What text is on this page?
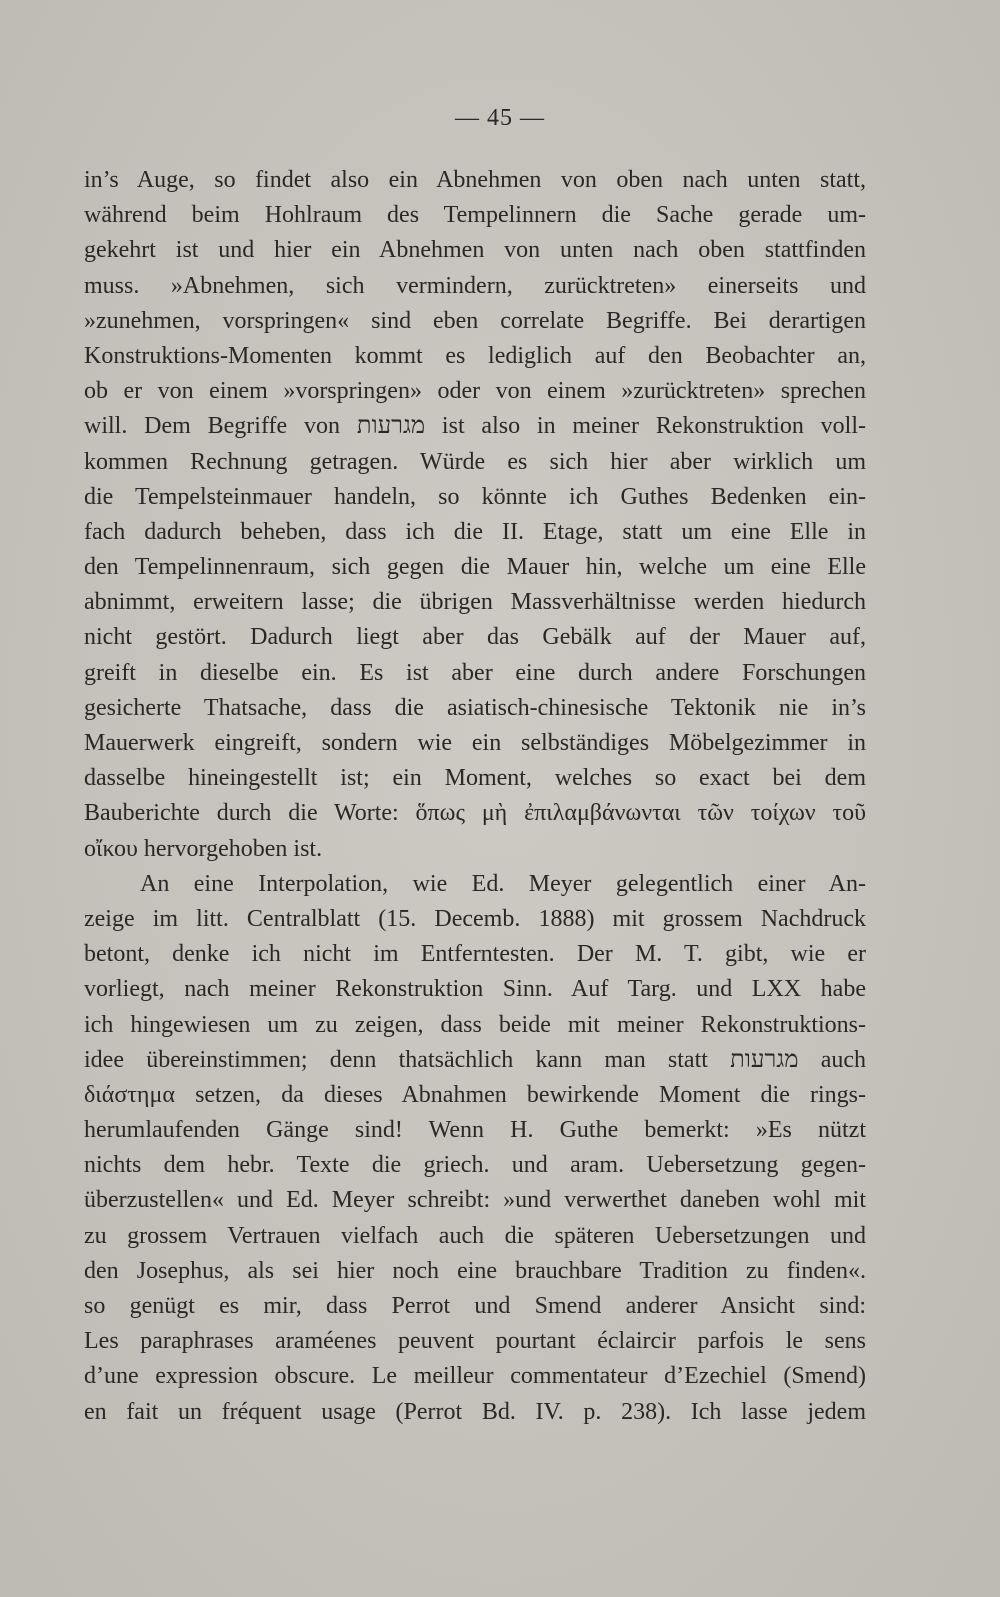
— 45 —
in’s Auge, so findet also ein Abnehmen von oben nach unten statt,
während beim Hohlraum des Tempelinnern die Sache gerade um-
gekehrt ist und hier ein Abnehmen von unten nach oben stattfinden
muss. »Abnehmen, sich vermindern, zurücktreten» einerseits und
»zunehmen, vorspringen« sind eben correlate Begriffe. Bei derartigen
Konstruktions-Momenten kommt es lediglich auf den Beobachter an,
ob er von einem »vorspringen» oder von einem »zurücktreten» sprechen
will. Dem Begriffe von מגרעות ist also in meiner Rekonstruktion voll-
kommen Rechnung getragen. Würde es sich hier aber wirklich um
die Tempelsteinmauer handeln, so könnte ich Guthes Bedenken ein-
fach dadurch beheben, dass ich die II. Etage, statt um eine Elle in
den Tempelinnenraum, sich gegen die Mauer hin, welche um eine Elle
abnimmt, erweitern lasse; die übrigen Massverhältnisse werden hiedurch
nicht gestört. Dadurch liegt aber das Gebälk auf der Mauer auf,
greift in dieselbe ein. Es ist aber eine durch andere Forschungen
gesicherte Thatsache, dass die asiatisch-chinesische Tektonik nie in’s
Mauerwerk eingreift, sondern wie ein selbständiges Möbelgezimmer in
dasselbe hineingestellt ist; ein Moment, welches so exact bei dem
Bauberichte durch die Worte: ὅπως μὴ ἐπιλαμβάνωνται τῶν τοίχων τοῦ
οἴκου hervorgehoben ist.
An eine Interpolation, wie Ed. Meyer gelegentlich einer An-
zeige im litt. Centralblatt (15. Decemb. 1888) mit grossem Nachdruck
betont, denke ich nicht im Entferntesten. Der M. T. gibt, wie er
vorliegt, nach meiner Rekonstruktion Sinn. Auf Targ. und LXX habe
ich hingewiesen um zu zeigen, dass beide mit meiner Rekonstruktions-
idee übereinstimmen; denn thatsächlich kann man statt מגרעות auch
διάστημα setzen, da dieses Abnahmen bewirkende Moment die rings-
herumlaufenden Gänge sind! Wenn H. Guthe bemerkt: »Es nützt
nichts dem hebr. Texte die griech. und aram. Uebersetzung gegen-
überzustellen« und Ed. Meyer schreibt: »und verwerthet daneben wohl mit
zu grossem Vertrauen vielfach auch die späteren Uebersetzungen und
den Josephus, als sei hier noch eine brauchbare Tradition zu finden«.
so genügt es mir, dass Perrot und Smend anderer Ansicht sind:
Les paraphrases araméenes peuvent pourtant éclaircir parfois le sens
d’une expression obscure. Le meilleur commentateur d’Ezechiel (Smend)
en fait un fréquent usage (Perrot Bd. IV. p. 238). Ich lasse jedem
